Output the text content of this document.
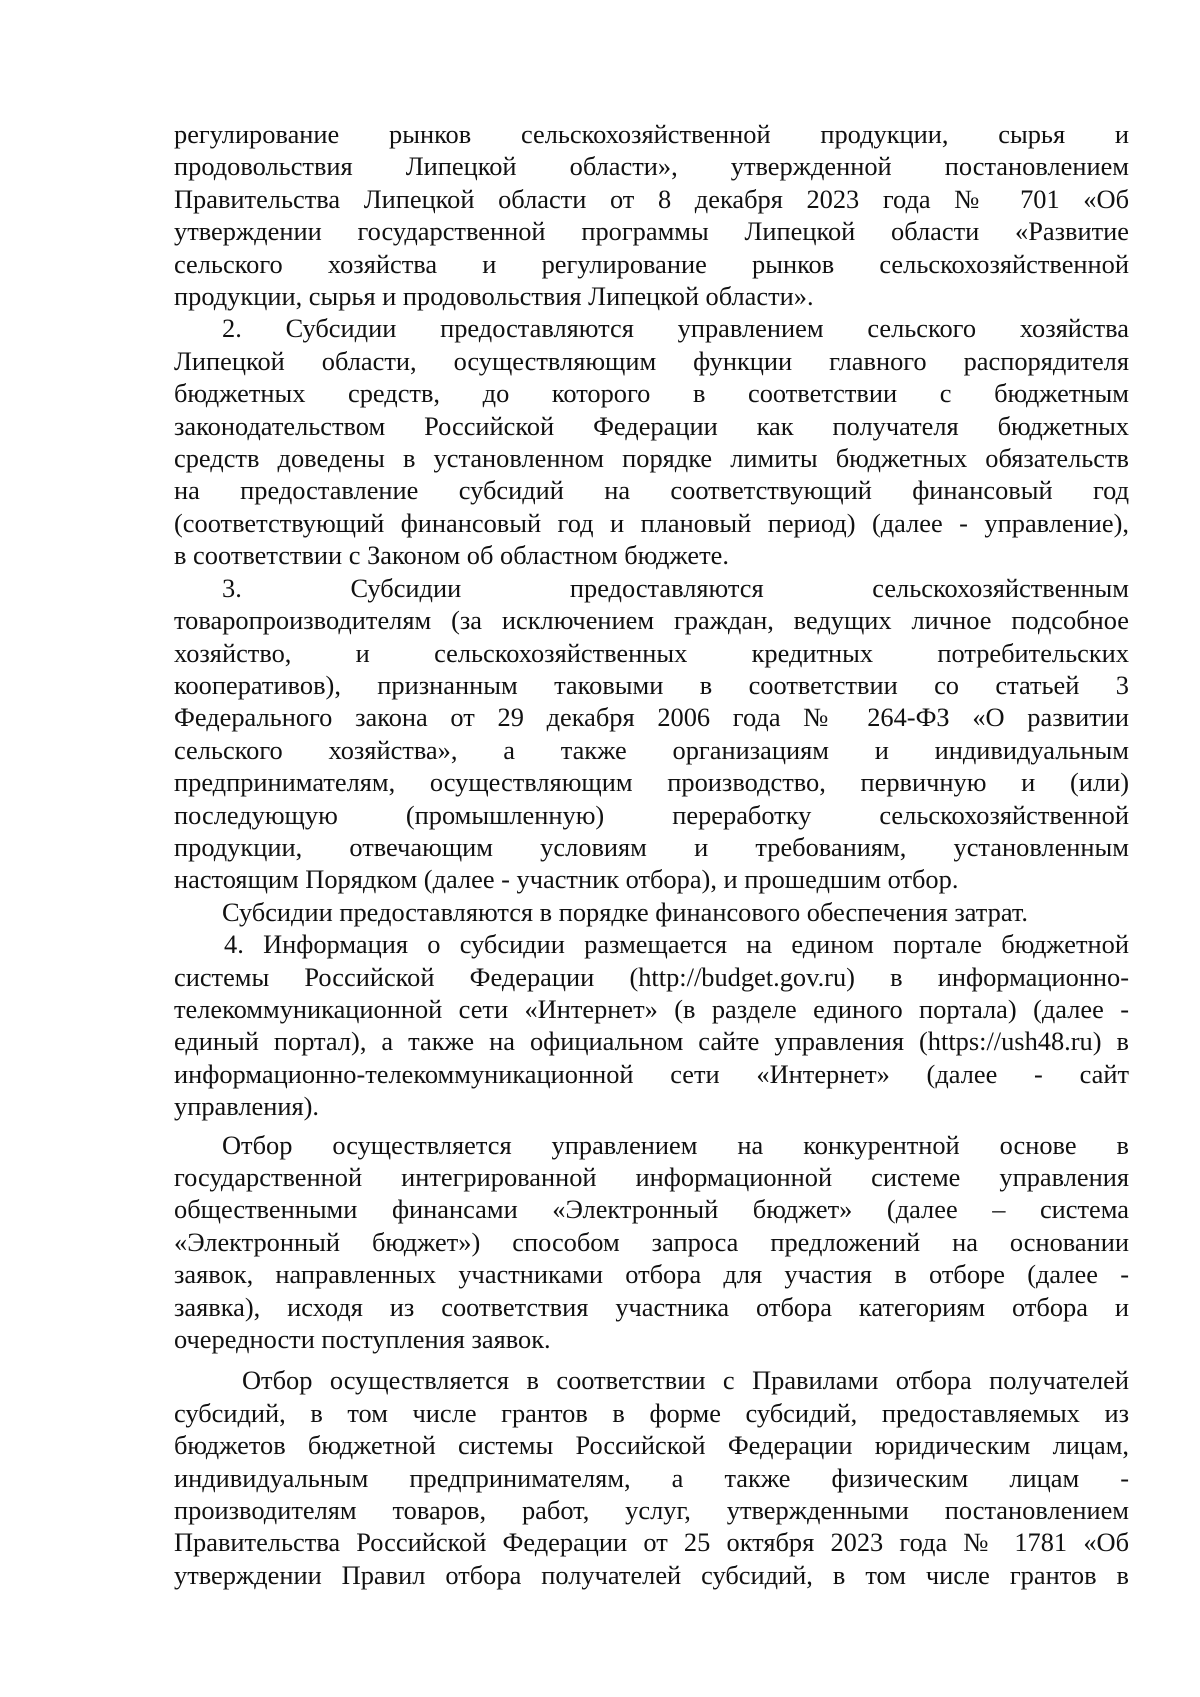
регулирование рынков сельскохозяйственной продукции, сырья и
продовольствия Липецкой области», утвержденной постановлением
Правительства Липецкой области от 8 декабря 2023 года № 701 «Об
утверждении государственной программы Липецкой области «Развитие
сельского хозяйства и регулирование рынков сельскохозяйственной
продукции, сырья и продовольствия Липецкой области».
2. Субсидии предоставляются управлением сельского хозяйства
Липецкой области, осуществляющим функции главного распорядителя
бюджетных средств, до которого в соответствии с бюджетным
законодательством Российской Федерации как получателя бюджетных
средств доведены в установленном порядке лимиты бюджетных обязательств
на предоставление субсидий на соответствующий финансовый год
(соответствующий финансовый год и плановый период) (далее - управление),
в соответствии с Законом об областном бюджете.
3. Субсидии предоставляются сельскохозяйственным
товаропроизводителям (за исключением граждан, ведущих личное подсобное
хозяйство, и сельскохозяйственных кредитных потребительских
кооперативов), признанным таковыми в соответствии со статьей 3
Федерального закона от 29 декабря 2006 года № 264-ФЗ «О развитии
сельского хозяйства», а также организациям и индивидуальным
предпринимателям, осуществляющим производство, первичную и (или)
последующую (промышленную) переработку сельскохозяйственной
продукции, отвечающим условиям и требованиям, установленным
настоящим Порядком (далее - участник отбора), и прошедшим отбор.
Субсидии предоставляются в порядке финансового обеспечения затрат.
4. Информация о субсидии размещается на едином портале бюджетной
системы Российской Федерации (http://budget.gov.ru) в информационно-
телекоммуникационной сети «Интернет» (в разделе единого портала) (далее -
единый портал), а также на официальном сайте управления (https://ush48.ru) в
информационно-телекоммуникационной сети «Интернет» (далее - сайт
управления).
Отбор осуществляется управлением на конкурентной основе в
государственной интегрированной информационной системе управления
общественными финансами «Электронный бюджет» (далее – система
«Электронный бюджет») способом запроса предложений на основании
заявок, направленных участниками отбора для участия в отборе (далее -
заявка), исходя из соответствия участника отбора категориям отбора и
очередности поступления заявок.
Отбор осуществляется в соответствии с Правилами отбора получателей
субсидий, в том числе грантов в форме субсидий, предоставляемых из
бюджетов бюджетной системы Российской Федерации юридическим лицам,
индивидуальным предпринимателям, а также физическим лицам -
производителям товаров, работ, услуг, утвержденными постановлением
Правительства Российской Федерации от 25 октября 2023 года № 1781 «Об
утверждении Правил отбора получателей субсидий, в том числе грантов в
